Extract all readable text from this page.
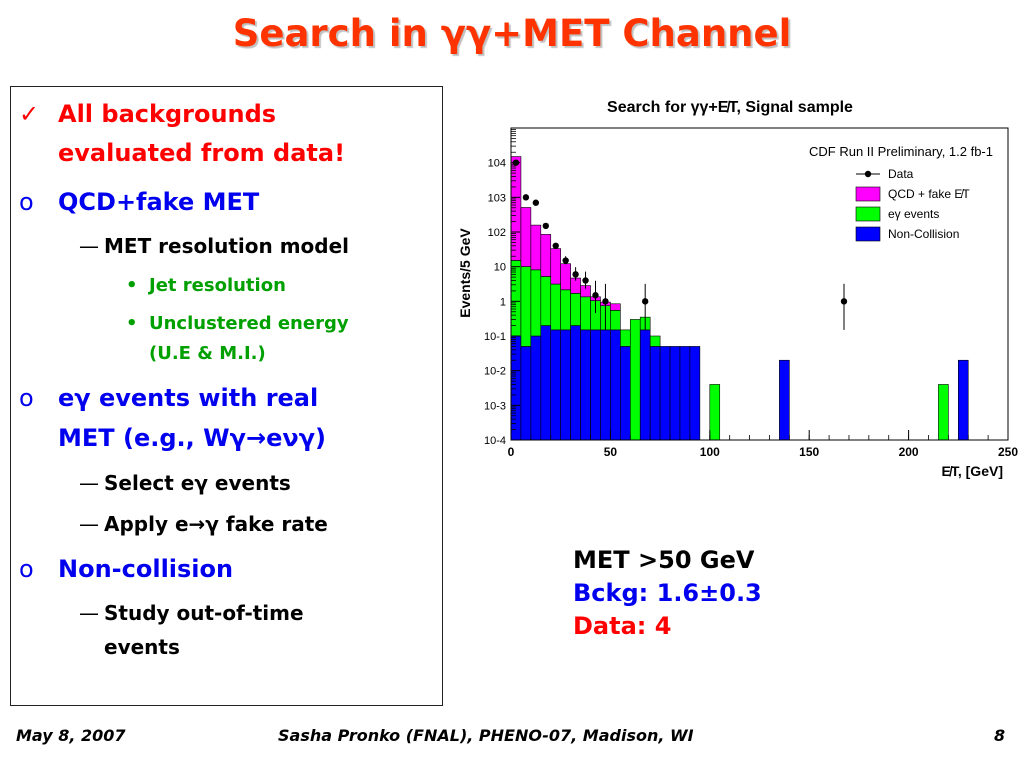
Search in γγ+MET Channel
✓ All backgrounds
evaluated from data!
o QCD+fake MET
— MET resolution model
• Jet resolution
• Unclustered energy
(U.E & M.I.)
o eγ events with real
MET (e.g., Wγ→eνγ)
— Select eγ events
— Apply e→γ fake rate
o Non-collision
— Study out-of-time
events
Search for γγ+E̸T, Signal sample
10-4
10-3
10-2
10-1
1
10
102
103
104
0	50	100	150	200	250
CDF Run II Preliminary, 1.2 fb-1
Data
QCD + fake E̸T
eγ events
Non-Collision
Events/5 GeV
E̸T, [GeV]
MET >50 GeV
Bckg: 1.6±0.3
Data: 4
May 8, 2007	Sasha Pronko (FNAL), PHENO-07, Madison, WI	8
